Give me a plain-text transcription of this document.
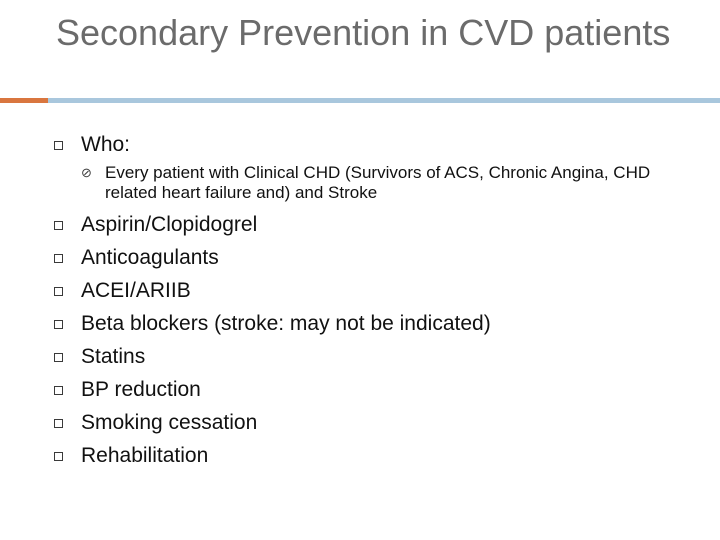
Secondary Prevention in CVD patients
Who:
⊘ Every patient with Clinical CHD (Survivors of ACS, Chronic Angina, CHD related heart failure and) and Stroke
Aspirin/Clopidogrel
Anticoagulants
ACEI/ARIIB
Beta blockers (stroke: may not be indicated)
Statins
BP reduction
Smoking cessation
Rehabilitation
